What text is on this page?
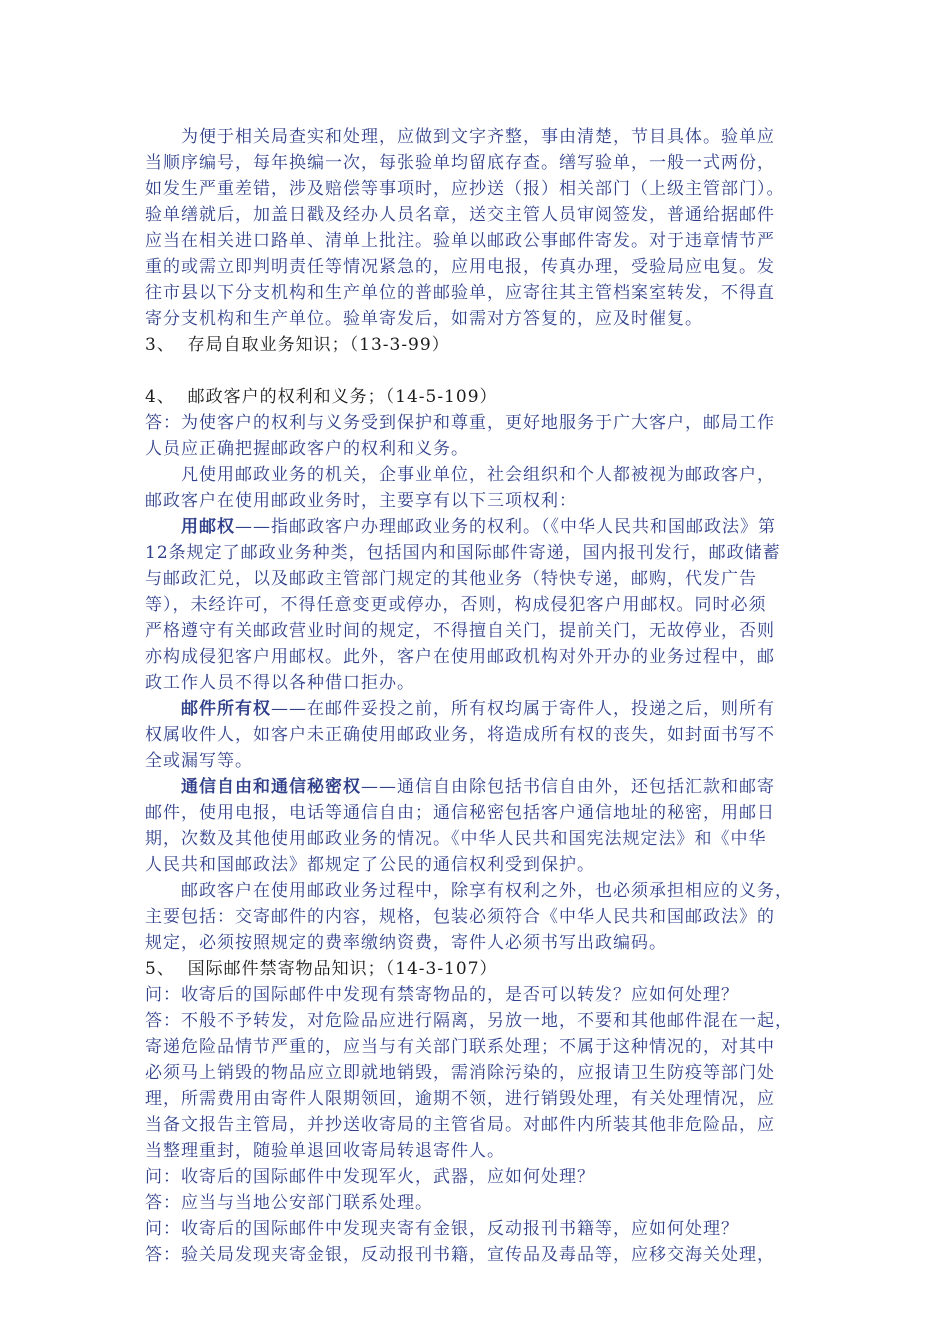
为便于相关局查实和处理，应做到文字齐整，事由清楚，节目具体。验单应

当顺序编号，每年换编一次，每张验单均留底存查。缮写验单，一般一式两份，

如发生严重差错，涉及赔偿等事项时，应抄送（报）相关部门（上级主管部门）。

验单缮就后，加盖日戳及经办人员名章，送交主管人员审阅签发，普通给据邮件

应当在相关进口路单、清单上批注。验单以邮政公事邮件寄发。对于违章情节严

重的或需立即判明责任等情况紧急的，应用电报，传真办理，受验局应电复。发

往市县以下分支机构和生产单位的普邮验单，应寄往其主管档案室转发，不得直

寄分支机构和生产单位。验单寄发后，如需对方答复的，应及时催复。

3、  存局自取业务知识；（13-3-99）

4、  邮政客户的权利和义务；（14-5-109）

答：为使客户的权利与义务受到保护和尊重，更好地服务于广大客户，邮局工作

人员应正确把握邮政客户的权利和义务。

凡使用邮政业务的机关，企事业单位，社会组织和个人都被视为邮政客户，

邮政客户在使用邮政业务时，主要享有以下三项权利：

用邮权——指邮政客户办理邮政业务的权利。（《中华人民共和国邮政法》第

12条规定了邮政业务种类，包括国内和国际邮件寄递，国内报刊发行，邮政储蓄

与邮政汇兑，以及邮政主管部门规定的其他业务（特快专递，邮购，代发广告

等），未经许可，不得任意变更或停办，否则，构成侵犯客户用邮权。同时必须

严格遵守有关邮政营业时间的规定，不得擅自关门，提前关门，无故停业，否则

亦构成侵犯客户用邮权。此外，客户在使用邮政机构对外开办的业务过程中，邮

政工作人员不得以各种借口拒办。

邮件所有权——在邮件妥投之前，所有权均属于寄件人，投递之后，则所有

权属收件人，如客户未正确使用邮政业务，将造成所有权的丧失，如封面书写不

全或漏写等。

通信自由和通信秘密权——通信自由除包括书信自由外，还包括汇款和邮寄

邮件，使用电报，电话等通信自由；通信秘密包括客户通信地址的秘密，用邮日

期，次数及其他使用邮政业务的情况。《中华人民共和国宪法规定法》和《中华

人民共和国邮政法》都规定了公民的通信权利受到保护。

邮政客户在使用邮政业务过程中，除享有权利之外，也必须承担相应的义务，

主要包括：交寄邮件的内容，规格，包装必须符合《中华人民共和国邮政法》的

规定，必须按照规定的费率缴纳资费，寄件人必须书写出政编码。

5、  国际邮件禁寄物品知识；（14-3-107）

问：收寄后的国际邮件中发现有禁寄物品的，是否可以转发？应如何处理？

答：不般不予转发，对危险品应进行隔离，另放一地，不要和其他邮件混在一起，

寄递危险品情节严重的，应当与有关部门联系处理；不属于这种情况的，对其中

必须马上销毁的物品应立即就地销毁，需消除污染的，应报请卫生防疫等部门处

理，所需费用由寄件人限期领回，逾期不领，进行销毁处理，有关处理情况，应

当备文报告主管局，并抄送收寄局的主管省局。对邮件内所装其他非危险品，应

当整理重封，随验单退回收寄局转退寄件人。

问：收寄后的国际邮件中发现军火，武器，应如何处理？

答：应当与当地公安部门联系处理。

问：收寄后的国际邮件中发现夹寄有金银，反动报刊书籍等，应如何处理？

答：验关局发现夹寄金银，反动报刊书籍，宣传品及毒品等，应移交海关处理，
